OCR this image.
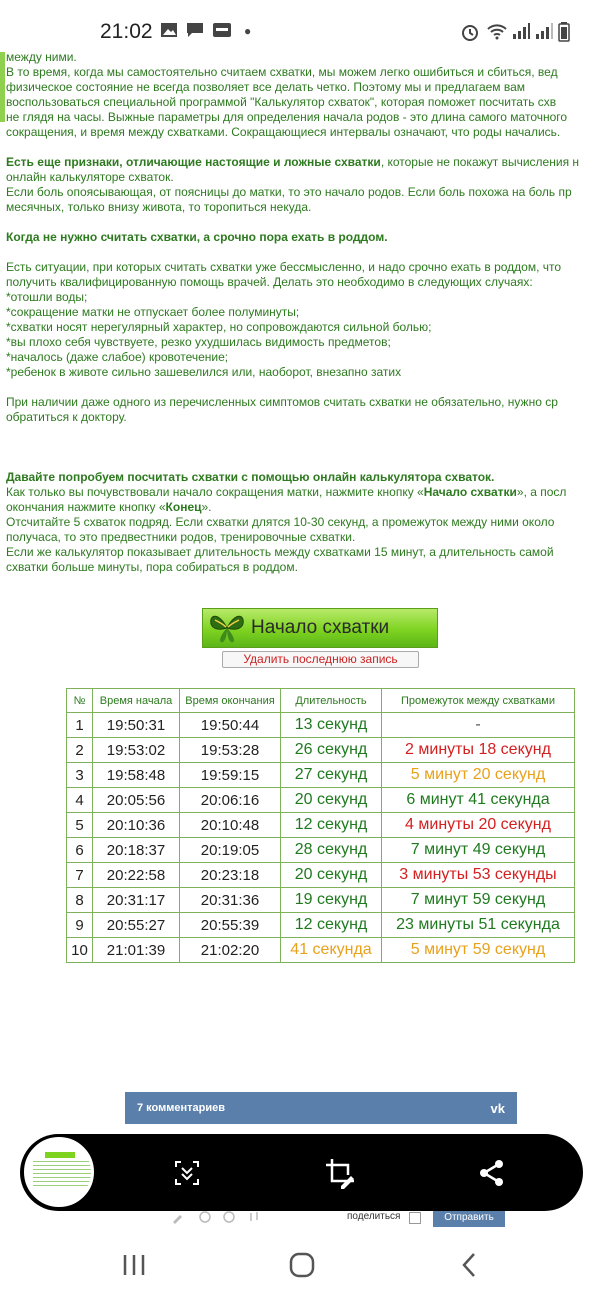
21:02	●

между ними.

В то время, когда мы самостоятельно считаем схватки, мы можем легко ошибиться и сбиться, вед

физическое состояние не всегда позволяет все делать четко. Поэтому мы и предлагаем вам

воспользоваться специальной программой "Калькулятор схваток", которая поможет посчитать схв

не глядя на часы. Выжные параметры для определения начала родов - это длина самого маточного

сокращения, и время между схватками. Сокращающиеся интервалы означают, что роды начались.

Есть еще признаки, отличающие настоящие и ложные схватки, которые не покажут вычисления н

онлайн калькуляторе схваток.

Если боль опоясывающая, от поясницы до матки, то это начало родов. Если боль похожа на боль пр

месячных, только внизу живота, то торопиться некуда.

Когда не нужно считать схватки, а срочно пора ехать в роддом.

Есть ситуации, при которых считать схватки уже бессмысленно, и надо срочно ехать в роддом, что

получить квалифицированную помощь врачей. Делать это необходимо в следующих случаях:

*отошли воды;

*сокращение матки не отпускает более полуминуты;

*схватки носят нерегулярный характер, но сопровождаются сильной болью;

*вы плохо себя чувствуете, резко ухудшилась видимость предметов;

*началось (даже слабое) кровотечение;

*ребенок в животе сильно зашевелился или, наоборот, внезапно затих

При наличии даже одного из перечисленных симптомов считать схватки не обязательно, нужно ср

обратиться к доктору.

Давайте попробуем посчитать схватки с помощью онлайн калькулятора схваток.

Как только вы почувствовали начало сокращения матки, нажмите кнопку «Начало схватки», а посл

окончания нажмите кнопку «Конец».

Отсчитайте 5 схваток подряд. Если схватки длятся 10-30 секунд, а промежуток между ними около

получаса, то это предвестники родов, тренировочные схватки.

Если же калькулятор показывает длительность между схватками 15 минут, а длительность самой

схватки больше минуты, пора собираться в роддом.

Начало схватки
Удалить последнюю запись
№	Время начала	Время окончания	Длительность	Промежуток между схватками
1	19:50:31	19:50:44	13 секунд	-
2	19:53:02	19:53:28	26 секунд	2 минуты 18 секунд
3	19:58:48	19:59:15	27 секунд	5 минут 20 секунд
4	20:05:56	20:06:16	20 секунд	6 минут 41 секунда
5	20:10:36	20:10:48	12 секунд	4 минуты 20 секунд
6	20:18:37	20:19:05	28 секунд	7 минут 49 секунд
7	20:22:58	20:23:18	20 секунд	3 минуты 53 секунды
8	20:31:17	20:31:36	19 секунд	7 минут 59 секунд
9	20:55:27	20:55:39	12 секунд	23 минуты 51 секунда
10	21:01:39	21:02:20	41 секунда	5 минут 59 секунд
7 комментариев	vk
поделиться	Отправить
